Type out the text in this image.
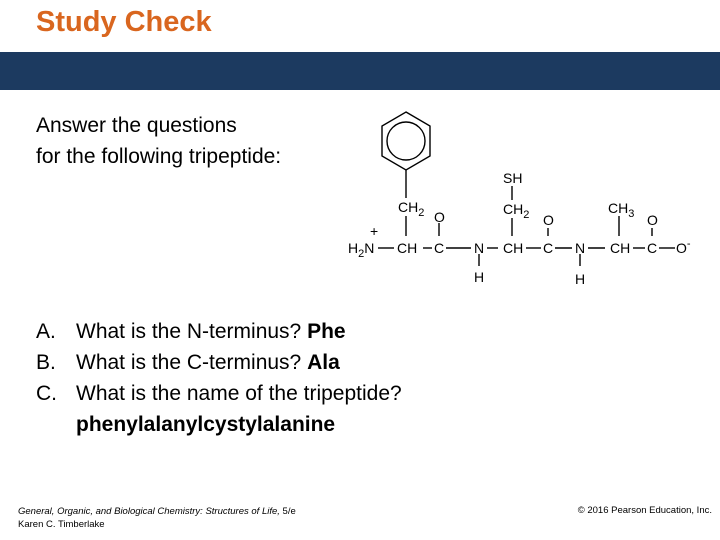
Study Check
Answer the questions
for the following tripeptide:
+
$H_2N$
$CH_2$
CH C
O
N
H
SH
$CH_2$
CH C
O
N
H
$CH_3$
CH C
O
O-
A. What is the N-terminus? Phe
B. What is the C-terminus? Ala
C. What is the name of the tripeptide?
phenylalanylcystylalanine
General, Organic, and Biological Chemistry: Structures of Life, 5/e
Karen C. Timberlake
© 2016 Pearson Education, Inc.
